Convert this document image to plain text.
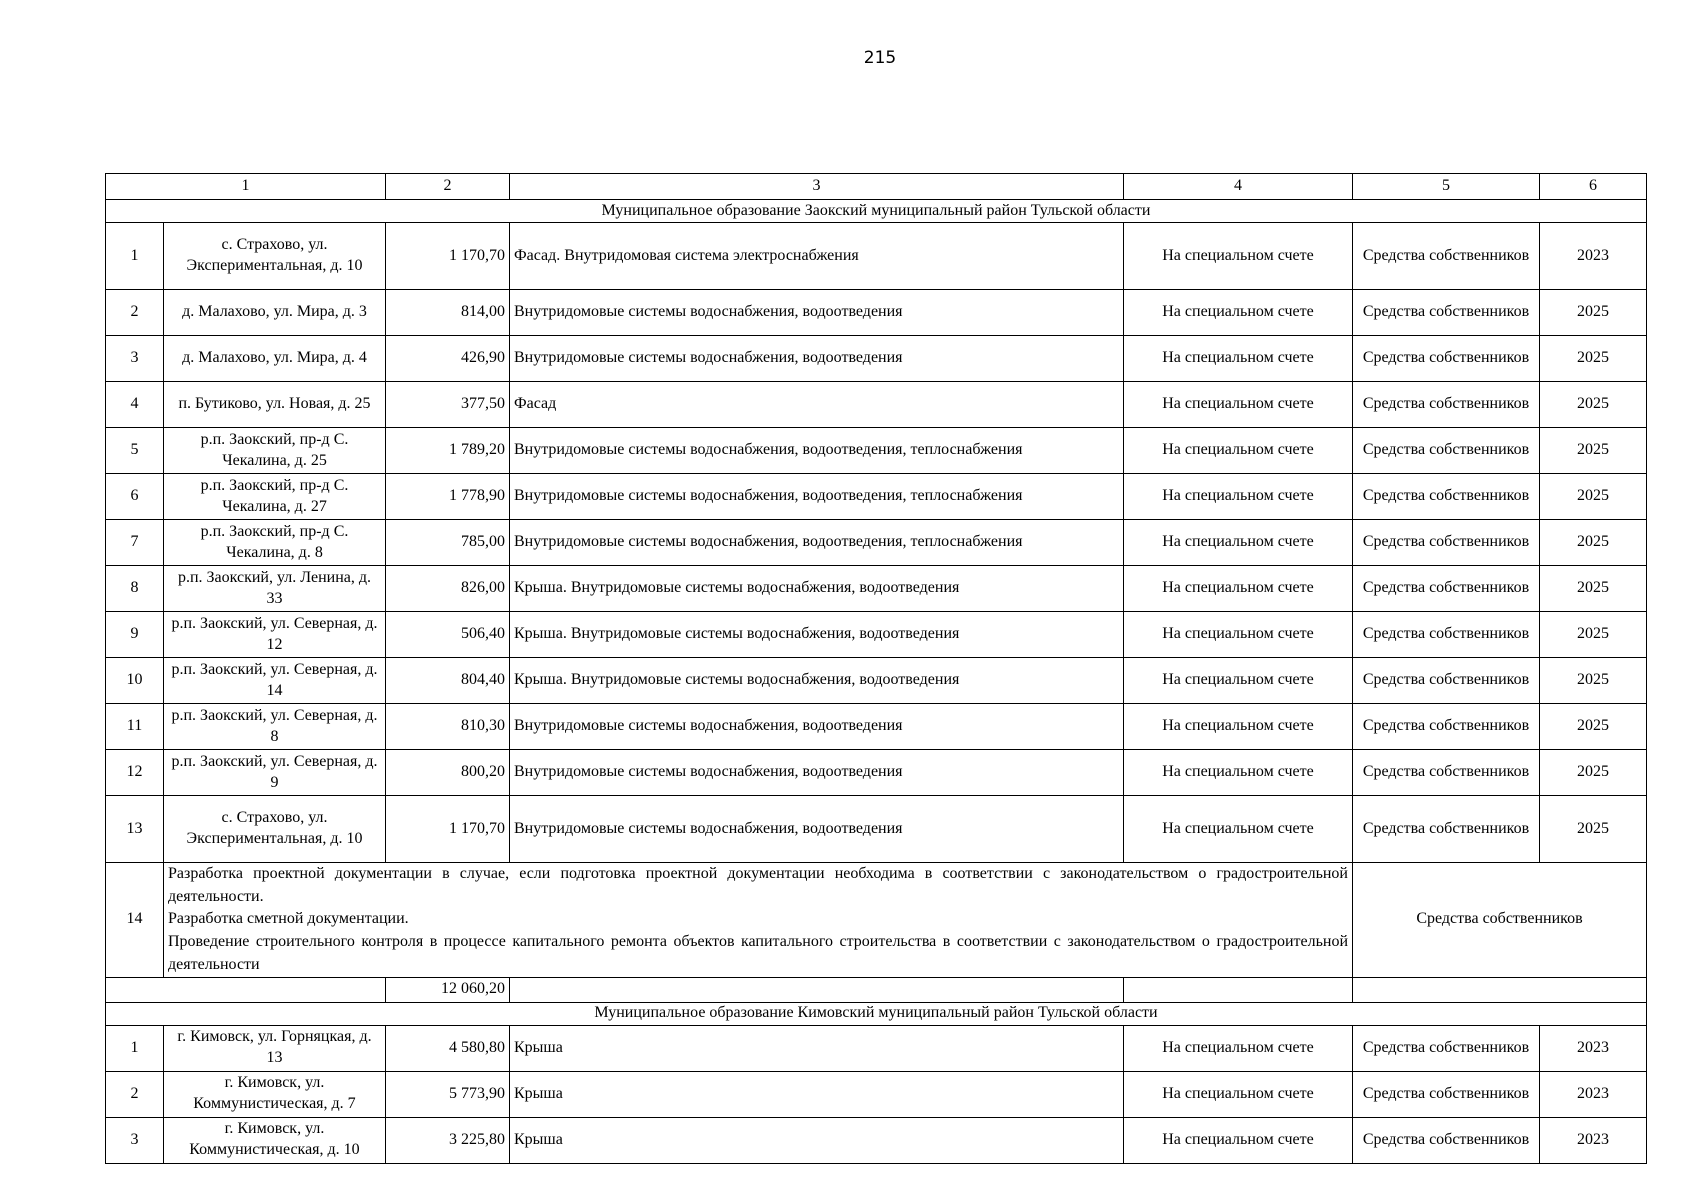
215
1		2	3	4	5	6
Муниципальное образование Заокский муниципальный район Тульской области						
1	с. Страхово, ул. Экспериментальная, д. 10	1 170,70	Фасад. Внутридомовая система электроснабжения	На специальном счете	Средства собственников	2023
2	д. Малахово, ул. Мира, д. 3	814,00	Внутридомовые системы водоснабжения, водоотведения	На специальном счете	Средства собственников	2025
3	д. Малахово, ул. Мира, д. 4	426,90	Внутридомовые системы водоснабжения, водоотведения	На специальном счете	Средства собственников	2025
4	п. Бутиково, ул. Новая, д. 25	377,50	Фасад	На специальном счете	Средства собственников	2025
5	р.п. Заокский, пр-д С. Чекалина, д. 25	1 789,20	Внутридомовые системы водоснабжения, водоотведения, теплоснабжения	На специальном счете	Средства собственников	2025
6	р.п. Заокский, пр-д С. Чекалина, д. 27	1 778,90	Внутридомовые системы водоснабжения, водоотведения, теплоснабжения	На специальном счете	Средства собственников	2025
7	р.п. Заокский, пр-д С. Чекалина, д. 8	785,00	Внутридомовые системы водоснабжения, водоотведения, теплоснабжения	На специальном счете	Средства собственников	2025
8	р.п. Заокский, ул. Ленина, д. 33	826,00	Крыша. Внутридомовые системы водоснабжения, водоотведения	На специальном счете	Средства собственников	2025
9	р.п. Заокский, ул. Северная, д. 12	506,40	Крыша. Внутридомовые системы водоснабжения, водоотведения	На специальном счете	Средства собственников	2025
10	р.п. Заокский, ул. Северная, д. 14	804,40	Крыша. Внутридомовые системы водоснабжения, водоотведения	На специальном счете	Средства собственников	2025
11	р.п. Заокский, ул. Северная, д. 8	810,30	Внутридомовые системы водоснабжения, водоотведения	На специальном счете	Средства собственников	2025
12	р.п. Заокский, ул. Северная, д. 9	800,20	Внутридомовые системы водоснабжения, водоотведения	На специальном счете	Средства собственников	2025
13	с. Страхово, ул. Экспериментальная, д. 10	1 170,70	Внутридомовые системы водоснабжения, водоотведения	На специальном счете	Средства собственников	2025
14	Разработка проектной документации в случае, если подготовка проектной документации необходима в соответствии с законодательством о градостроительной деятельности.
Разработка сметной документации.
Проведение строительного контроля в процессе капитального ремонта объектов капитального строительства в соответствии с законодательством о градостроительной деятельности				Средства собственников	
		12 060,20				
Муниципальное образование Кимовский муниципальный район Тульской области						
1	г. Кимовск, ул. Горняцкая, д. 13	4 580,80	Крыша	На специальном счете	Средства собственников	2023
2	г. Кимовск, ул. Коммунистическая, д. 7	5 773,90	Крыша	На специальном счете	Средства собственников	2023
3	г. Кимовск, ул. Коммунистическая, д. 10	3 225,80	Крыша	На специальном счете	Средства собственников	2023
